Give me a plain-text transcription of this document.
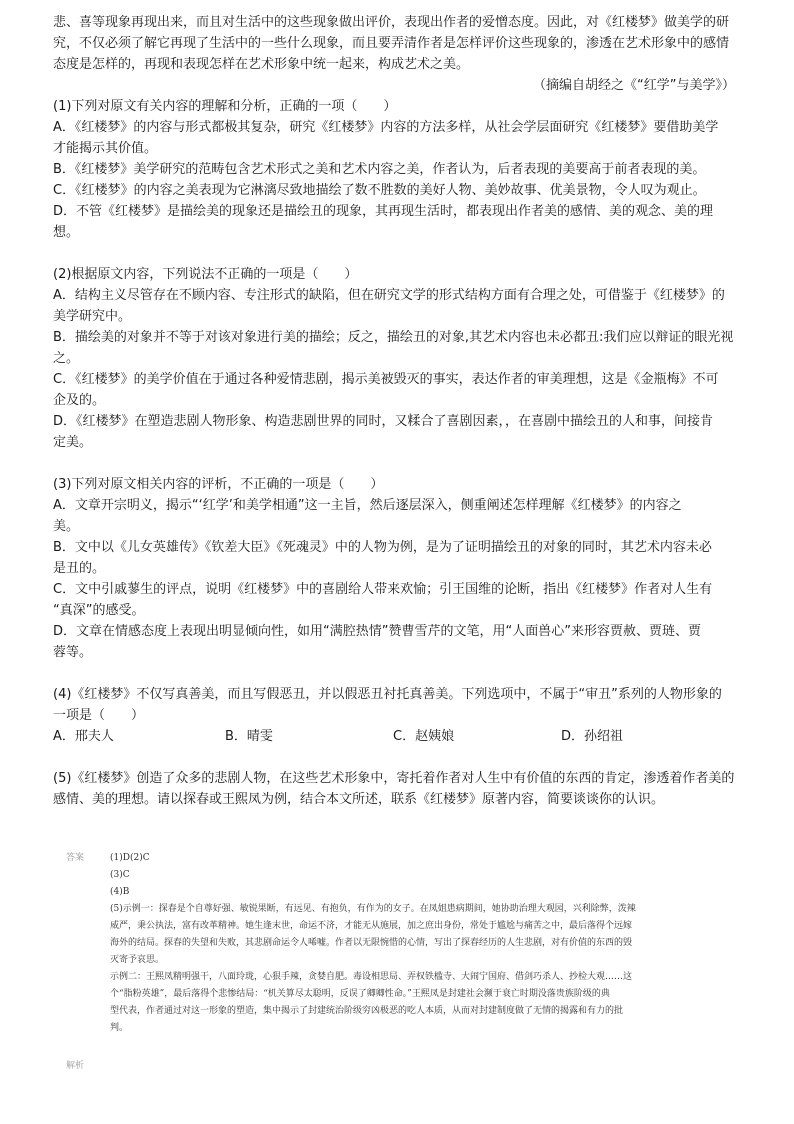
悲、喜等现象再现出来，而且对生活中的这些现象做出评价，表现出作者的爱憎态度。因此，对《红楼梦》做美学的研

究，不仅必须了解它再现了生活中的一些什么现象，而且要弄清作者是怎样评价这些现象的，渗透在艺术形象中的感情

态度是怎样的，再现和表现怎样在艺术形象中统一起来，构成艺术之美。

（摘编自胡经之《“红学”与美学》）

(1)下列对原文有关内容的理解和分析，正确的一项（　　）

A．《红楼梦》的内容与形式都极其复杂，研究《红楼梦》内容的方法多样，从社会学层面研究《红楼梦》要借助美学

才能揭示其价值。

B．《红楼梦》美学研究的范畴包含艺术形式之美和艺术内容之美，作者认为，后者表现的美要高于前者表现的美。

C．《红楼梦》的内容之美表现为它淋漓尽致地描绘了数不胜数的美好人物、美妙故事、优美景物，令人叹为观止。

D．不管《红楼梦》是描绘美的现象还是描绘丑的现象，其再现生活时，都表现出作者美的感情、美的观念、美的理

想。

(2)根据原文内容，下列说法不正确的一项是（　　）

A．结构主义尽管存在不顾内容、专注形式的缺陷，但在研究文学的形式结构方面有合理之处，可借鉴于《红楼梦》的

美学研究中。

B．描绘美的对象并不等于对该对象进行美的描绘；反之，描绘丑的对象,其艺术内容也未必都丑:我们应以辩证的眼光视

之。

C．《红楼梦》的美学价值在于通过各种爱情悲剧，揭示美被毁灭的事实，表达作者的审美理想，这是《金瓶梅》不可

企及的。

D．《红楼梦》在塑造悲剧人物形象、构造悲剧世界的同时，又糅合了喜剧因素，，在喜剧中描绘丑的人和事，间接肯

定美。

(3)下列对原文相关内容的评析，不正确的一项是（　　）

A．文章开宗明义，揭示“‘红学’和美学相通”这一主旨，然后逐层深入，侧重阐述怎样理解《红楼梦》的内容之

美。

B．文中以《儿女英雄传》《钦差大臣》《死魂灵》中的人物为例，是为了证明描绘丑的对象的同时，其艺术内容未必

是丑的。

C．文中引戚蓼生的评点，说明《红楼梦》中的喜剧给人带来欢愉；引王国维的论断，指出《红楼梦》作者对人生有

“真深”的感受。

D．文章在情感态度上表现出明显倾向性，如用“满腔热情”赞曹雪芹的文笔，用“人面兽心”来形容贾赦、贾琏、贾

蓉等。

(4)《红楼梦》不仅写真善美，而且写假恶丑，并以假恶丑衬托真善美。下列选项中，不属于“审丑”系列的人物形象的

一项是（　　）

A．邢夫人	B．晴雯	C．赵姨娘	D．孙绍祖

(5)《红楼梦》创造了众多的悲剧人物，在这些艺术形象中，寄托着作者对人生中有价值的东西的肯定，渗透着作者美的

感情、美的理想。请以探春或王熙凤为例，结合本文所述，联系《红楼梦》原著内容，简要谈谈你的认识。

答案	(1)D(2)C

(3)C

(4)B

(5)示例一：探春是个自尊好强、敏锐果断，有远见、有抱负，有作为的女子。在凤姐患病期间，她协助治理大观园，兴利除弊，泼辣

威严，秉公执法，富有改革精神。她生逢末世，命运不济，才能无从施展，加之庶出身份，常处于尴尬与痛苦之中，最后落得个远嫁

海外的结局。探春的失望和失败，其悲剧命运令人唏嘘。作者以无限惋惜的心情，写出了探春经历的人生悲剧，对有价值的东西的毁

灭寄予哀思。

示例二：王熙凤精明强干，八面玲珑，心狠手辣，贪婪自肥。毒设相思局、弄权铁槛寺、大闹宁国府、借剑巧杀人、抄检大观……这

个“脂粉英雄”，最后落得个悲惨结局：“机关算尽太聪明，反误了卿卿性命。”王熙凤是封建社会濒于衰亡时期没落贵族阶级的典

型代表，作者通过对这一形象的塑造，集中揭示了封建统治阶级穷凶极恶的吃人本质，从而对封建制度做了无情的揭露和有力的批

判。

解析
